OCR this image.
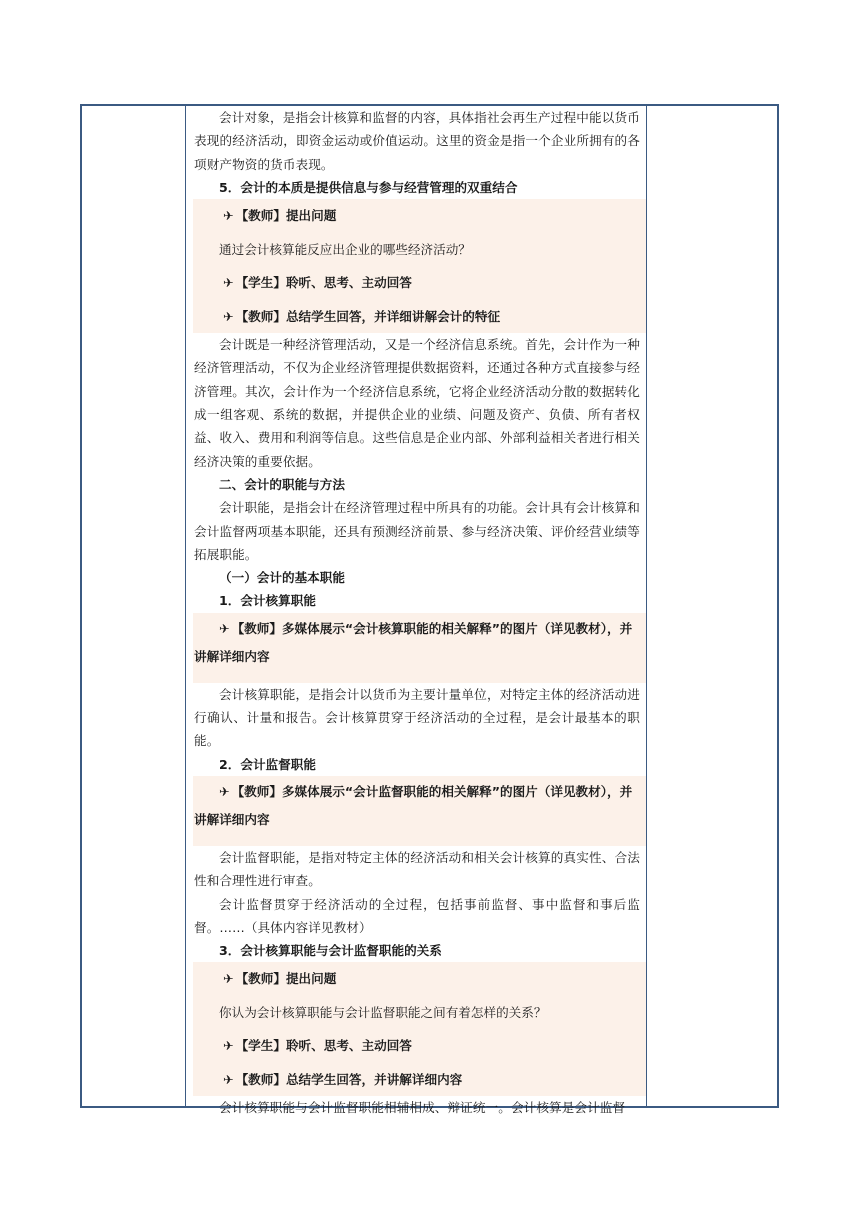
会计对象，是指会计核算和监督的内容，具体指社会再生产过程中能以货币表现的经济活动，即资金运动或价值运动。这里的资金是指一个企业所拥有的各项财产物资的货币表现。

5．会计的本质是提供信息与参与经营管理的双重结合

✈ 【教师】提出问题
通过会计核算能反应出企业的哪些经济活动？
✈ 【学生】聆听、思考、主动回答
✈ 【教师】总结学生回答，并详细讲解会计的特征

会计既是一种经济管理活动，又是一个经济信息系统。首先，会计作为一种经济管理活动，不仅为企业经济管理提供数据资料，还通过各种方式直接参与经济管理。其次，会计作为一个经济信息系统，它将企业经济活动分散的数据转化成一组客观、系统的数据，并提供企业的业绩、问题及资产、负债、所有者权益、收入、费用和利润等信息。这些信息是企业内部、外部利益相关者进行相关经济决策的重要依据。

二、会计的职能与方法

会计职能，是指会计在经济管理过程中所具有的功能。会计具有会计核算和会计监督两项基本职能，还具有预测经济前景、参与经济决策、评价经营业绩等拓展职能。

（一）会计的基本职能

1．会计核算职能

✈ 【教师】多媒体展示“会计核算职能的相关解释”的图片（详见教材），并讲解详细内容

会计核算职能，是指会计以货币为主要计量单位，对特定主体的经济活动进行确认、计量和报告。会计核算贯穿于经济活动的全过程，是会计最基本的职能。

2．会计监督职能

✈ 【教师】多媒体展示“会计监督职能的相关解释”的图片（详见教材），并讲解详细内容

会计监督职能，是指对特定主体的经济活动和相关会计核算的真实性、合法性和合理性进行审查。

会计监督贯穿于经济活动的全过程，包括事前监督、事中监督和事后监督。……（具体内容详见教材）

3．会计核算职能与会计监督职能的关系

✈ 【教师】提出问题
你认为会计核算职能与会计监督职能之间有着怎样的关系？
✈ 【学生】聆听、思考、主动回答
✈ 【教师】总结学生回答，并讲解详细内容

会计核算职能与会计监督职能相辅相成、辩证统一。会计核算是会计监督
